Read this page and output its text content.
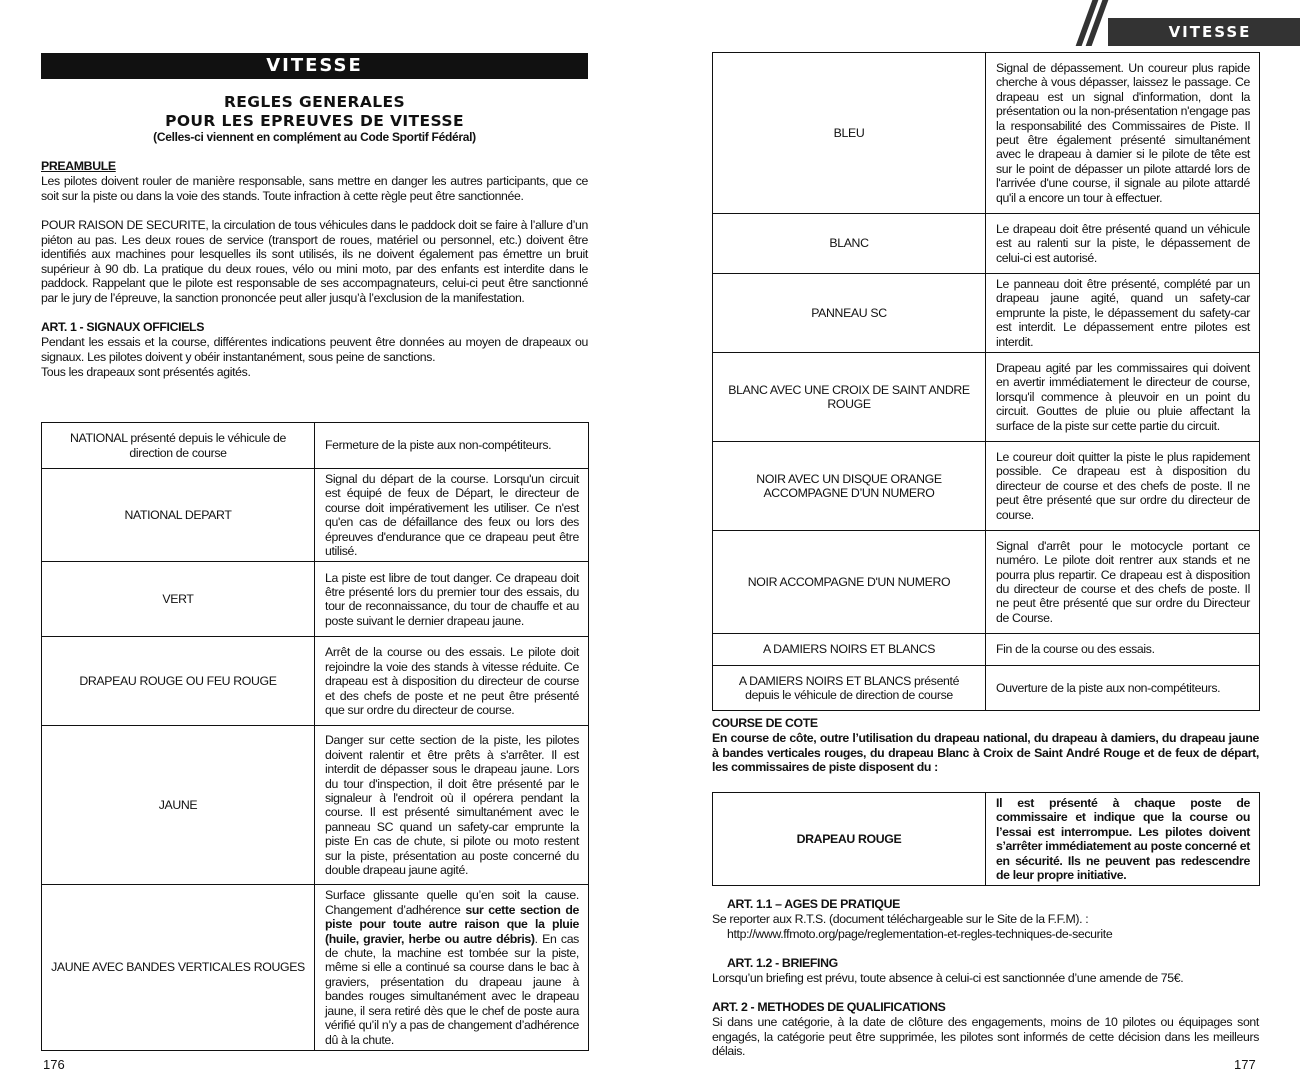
VITESSE
REGLES GENERALES
POUR LES EPREUVES DE VITESSE
(Celles-ci viennent en complément au Code Sportif Fédéral)
PREAMBULE
Les pilotes doivent rouler de manière responsable, sans mettre en danger les autres participants, que ce soit sur la piste ou dans la voie des stands. Toute infraction à cette règle peut être sanctionnée.
POUR RAISON DE SECURITE, la circulation de tous véhicules dans le paddock doit se faire à l’allure d’un piéton au pas. Les deux roues de service (transport de roues, matériel ou personnel, etc.) doivent être identifiés aux machines pour lesquelles ils sont utilisés, ils ne doivent également pas émettre un bruit supérieur à 90 db. La pratique du deux roues, vélo ou mini moto, par des enfants est interdite dans le paddock. Rappelant que le pilote est responsable de ses accompagnateurs, celui-ci peut être sanctionné par le jury de l’épreuve, la sanction prononcée peut aller jusqu’à l’exclusion de la manifestation.
ART. 1 - SIGNAUX OFFICIELS
Pendant les essais et la course, différentes indications peuvent être données au moyen de drapeaux ou signaux. Les pilotes doivent y obéir instantanément, sous peine de sanctions.
Tous les drapeaux sont présentés agités.
NATIONAL présenté depuis le véhicule de direction de course	Fermeture de la piste aux non-compétiteurs.
NATIONAL DEPART	Signal du départ de la course. Lorsqu'un circuit est équipé de feux de Départ, le directeur de course doit impérativement les utiliser. Ce n'est qu'en cas de défaillance des feux ou lors des épreuves d'endurance que ce drapeau peut être utilisé.
VERT	La piste est libre de tout danger. Ce drapeau doit être présenté lors du premier tour des essais, du tour de reconnaissance, du tour de chauffe et au poste suivant le dernier drapeau jaune.
DRAPEAU ROUGE OU FEU ROUGE	Arrêt de la course ou des essais. Le pilote doit rejoindre la voie des stands à vitesse réduite. Ce drapeau est à disposition du directeur de course et des chefs de poste et ne peut être présenté que sur ordre du directeur de course.
JAUNE	Danger sur cette section de la piste, les pilotes doivent ralentir et être prêts à s'arrêter. Il est interdit de dépasser sous le drapeau jaune. Lors du tour d'inspection, il doit être présenté par le signaleur à l'endroit où il opérera pendant la course. Il est présenté simultanément avec le panneau SC quand un safety-car emprunte la piste En cas de chute, si pilote ou moto restent sur la piste, présentation au poste concerné du double drapeau jaune agité.
JAUNE AVEC BANDES VERTICALES ROUGES	Surface glissante quelle qu’en soit la cause. Changement d’adhérence sur cette section de piste pour toute autre raison que la pluie (huile, gravier, herbe ou autre débris). En cas de chute, la machine est tombée sur la piste, même si elle a continué sa course dans le bac à graviers, présentation du drapeau jaune à bandes rouges simultanément avec le drapeau jaune, il sera retiré dès que le chef de poste aura vérifié qu’il n’y a pas de changement d’adhérence dû à la chute.
176
VITESSE
BLEU	Signal de dépassement. Un coureur plus rapide cherche à vous dépasser, laissez le passage. Ce drapeau est un signal d'information, dont la présentation ou la non-présentation n'engage pas la responsabilité des Commissaires de Piste. Il peut être également présenté simultanément avec le drapeau à damier si le pilote de tête est sur le point de dépasser un pilote attardé lors de l'arrivée d'une course, il signale au pilote attardé qu'il a encore un tour à effectuer.
BLANC	Le drapeau doit être présenté quand un véhicule est au ralenti sur la piste, le dépassement de celui-ci est autorisé.
PANNEAU SC	Le panneau doit être présenté, complété par un drapeau jaune agité, quand un safety-car emprunte la piste, le dépassement du safety-car est interdit. Le dépassement entre pilotes est interdit.
BLANC AVEC UNE CROIX DE SAINT ANDRE ROUGE	Drapeau agité par les commissaires qui doivent en avertir immédiatement le directeur de course, lorsqu'il commence à pleuvoir en un point du circuit. Gouttes de pluie ou pluie affectant la surface de la piste sur cette partie du circuit.
NOIR AVEC UN DISQUE ORANGE ACCOMPAGNE D’UN NUMERO	Le coureur doit quitter la piste le plus rapidement possible. Ce drapeau est à disposition du directeur de course et des chefs de poste. Il ne peut être présenté que sur ordre du directeur de course.
NOIR ACCOMPAGNE D'UN NUMERO	Signal d'arrêt pour le motocycle portant ce numéro. Le pilote doit rentrer aux stands et ne pourra plus repartir. Ce drapeau est à disposition du directeur de course et des chefs de poste. Il ne peut être présenté que sur ordre du Directeur de Course.
A DAMIERS NOIRS ET BLANCS	Fin de la course ou des essais.
A DAMIERS NOIRS ET BLANCS présenté depuis le véhicule de direction de course	Ouverture de la piste aux non-compétiteurs.
COURSE DE COTE
En course de côte, outre l’utilisation du drapeau national, du drapeau à damiers, du drapeau jaune à bandes verticales rouges, du drapeau Blanc à Croix de Saint André Rouge et de feux de départ, les commissaires de piste disposent du :
DRAPEAU ROUGE	Il est présenté à chaque poste de commissaire et indique que la course ou l’essai est interrompue. Les pilotes doivent s’arrêter immédiatement au poste concerné et en sécurité. Ils ne peuvent pas redescendre de leur propre initiative.
ART. 1.1 – AGES DE PRATIQUE
Se reporter aux R.T.S. (document téléchargeable sur le Site de la F.F.M). :
http://www.ffmoto.org/page/reglementation-et-regles-techniques-de-securite
ART. 1.2 - BRIEFING
Lorsqu’un briefing est prévu, toute absence à celui-ci est sanctionnée d’une amende de 75€.
ART. 2 - METHODES DE QUALIFICATIONS
Si dans une catégorie, à la date de clôture des engagements, moins de 10 pilotes ou équipages sont engagés, la catégorie peut être supprimée, les pilotes sont informés de cette décision dans les meilleurs délais.
177
